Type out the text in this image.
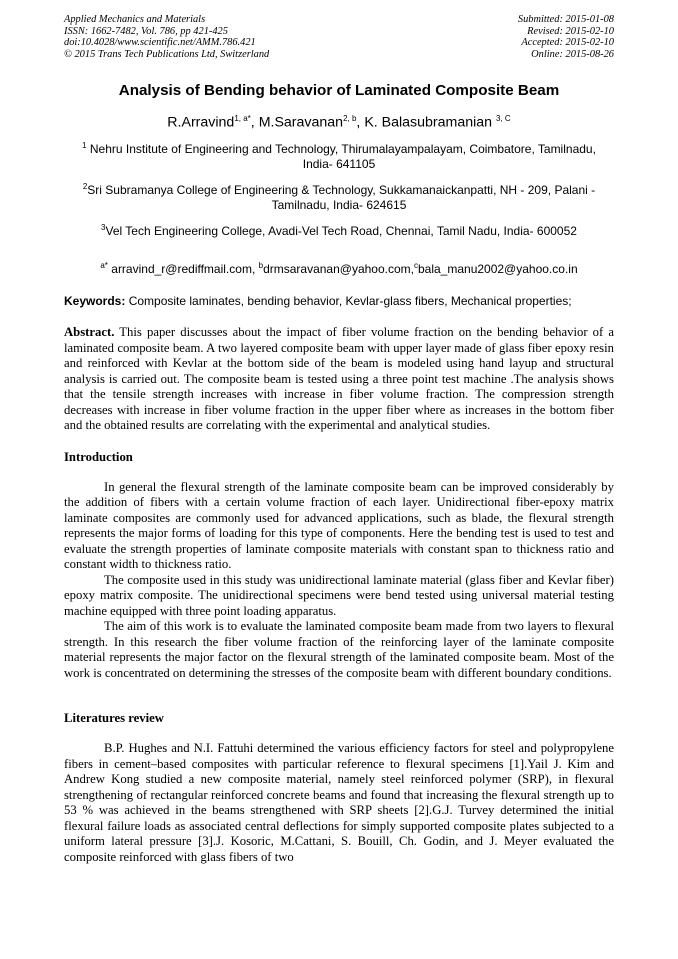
Applied Mechanics and Materials
ISSN: 1662-7482, Vol. 786, pp 421-425
doi:10.4028/www.scientific.net/AMM.786.421
© 2015 Trans Tech Publications Ltd, Switzerland
Submitted: 2015-01-08
Revised: 2015-02-10
Accepted: 2015-02-10
Online: 2015-08-26
Analysis of Bending behavior of Laminated Composite Beam
R.Arravind$^{1, a*}$, M.Saravanan$^{2, b}$, K. Balasubramanian $^{3, C}$
$^1$ Nehru Institute of Engineering and Technology, Thirumalayampalayam, Coimbatore, Tamilnadu, India- 641105
$^2$Sri Subramanya College of Engineering & Technology, Sukkamanaickanpatti, NH - 209, Palani - Tamilnadu, India- 624615
$^3$Vel Tech Engineering College, Avadi-Vel Tech Road, Chennai, Tamil Nadu, India- 600052
$^{a*}$ arravind_r@rediffmail.com, $^b$drmsaravanan@yahoo.com,$^c$bala_manu2002@yahoo.co.in
Keywords: Composite laminates, bending behavior, Kevlar-glass fibers, Mechanical properties;
Abstract. This paper discusses about the impact of fiber volume fraction on the bending behavior of a laminated composite beam. A two layered composite beam with upper layer made of glass fiber epoxy resin and reinforced with Kevlar at the bottom side of the beam is modeled using hand layup and structural analysis is carried out. The composite beam is tested using a three point test machine .The analysis shows that the tensile strength increases with increase in fiber volume fraction. The compression strength decreases with increase in fiber volume fraction in the upper fiber where as increases in the bottom fiber and the obtained results are correlating with the experimental and analytical studies.
Introduction

In general the flexural strength of the laminate composite beam can be improved considerably by the addition of fibers with a certain volume fraction of each layer. Unidirectional fiber-epoxy matrix laminate composites are commonly used for advanced applications, such as blade, the flexural strength represents the major forms of loading for this type of components. Here the bending test is used to test and evaluate the strength properties of laminate composite materials with constant span to thickness ratio and constant width to thickness ratio.

The composite used in this study was unidirectional laminate material (glass fiber and Kevlar fiber) epoxy matrix composite. The unidirectional specimens were bend tested using universal material testing machine equipped with three point loading apparatus.

The aim of this work is to evaluate the laminated composite beam made from two layers to flexural strength. In this research the fiber volume fraction of the reinforcing layer of the laminate composite material represents the major factor on the flexural strength of the laminated composite beam. Most of the work is concentrated on determining the stresses of the composite beam with different boundary conditions.

Literatures review

B.P. Hughes and N.I. Fattuhi determined the various efficiency factors for steel and polypropylene fibers in cement–based composites with particular reference to flexural specimens [1].Yail J. Kim and Andrew Kong studied a new composite material, namely steel reinforced polymer (SRP), in flexural strengthening of rectangular reinforced concrete beams and found that increasing the flexural strength up to 53 % was achieved in the beams strengthened with SRP sheets [2].G.J. Turvey determined the initial flexural failure loads as associated central deflections for simply supported composite plates subjected to a uniform lateral pressure [3].J. Kosoric, M.Cattani, S. Bouill, Ch. Godin, and J. Meyer evaluated the composite reinforced with glass fibers of two
